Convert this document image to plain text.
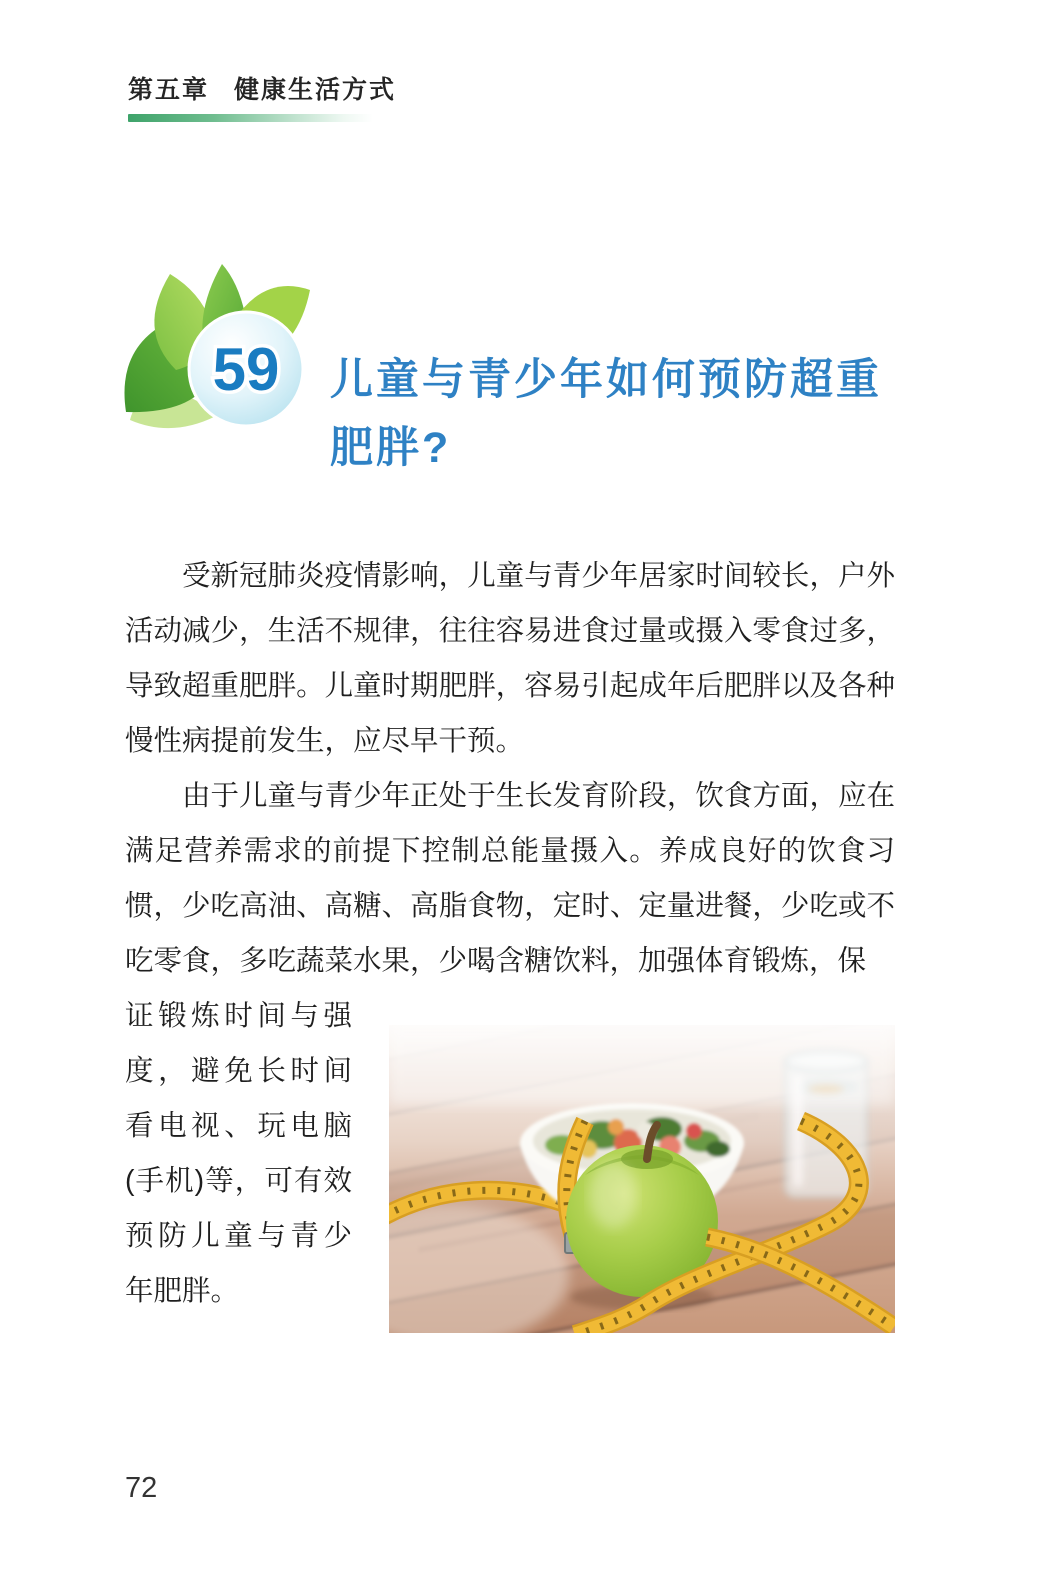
第五章 健康生活方式
59 儿童与青少年如何预防超重肥胖?

受新冠肺炎疫情影响，儿童与青少年居家时间较长，户外活动减少，生活不规律，往往容易进食过量或摄入零食过多，导致超重肥胖。儿童时期肥胖，容易引起成年后肥胖以及各种慢性病提前发生，应尽早干预。

由于儿童与青少年正处于生长发育阶段，饮食方面，应在满足营养需求的前提下控制总能量摄入。养成良好的饮食习惯，少吃高油、高糖、高脂食物，定时、定量进餐，少吃或不吃零食，多吃蔬菜水果，少喝含糖饮料，加强体育锻炼，保

证锻炼时间与强度，避免长时间看电视、玩电脑(手机)等，可有效预防儿童与青少年肥胖。
72
